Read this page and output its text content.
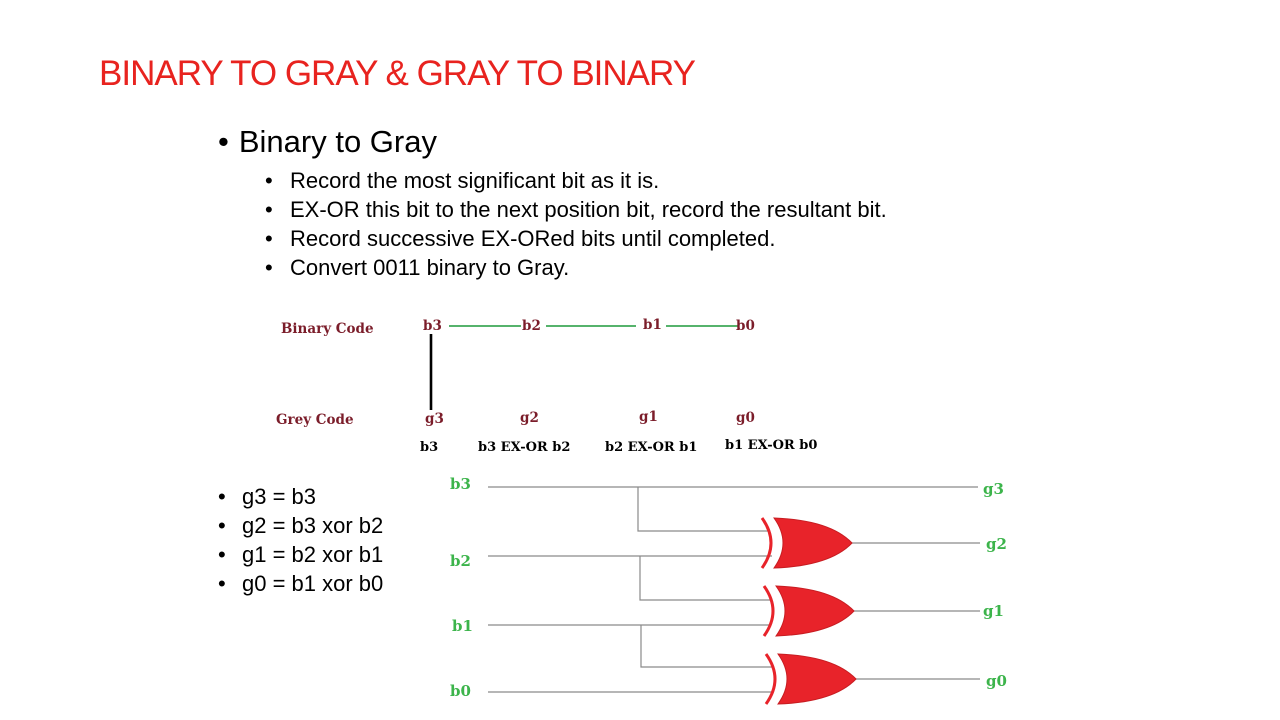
BINARY TO GRAY & GRAY TO BINARY
• Binary to Gray
• Record the most significant bit as it is.
• EX-OR this bit to the next position bit, record the resultant bit.
• Record successive EX-ORed bits until completed.
• Convert 0011 binary to Gray.
• g3 = b3
• g2 = b3 xor b2
• g1 = b2 xor b1
• g0 = b1 xor b0
Binary Code
Grey Code
b3	b2	b1	b0
g3	g2	g1	g0
b3	b3 EX-OR b2	b2 EX-OR b1 b1 EX-OR b0
b3
b2
b1
b0
g3
g2
g1
g0
